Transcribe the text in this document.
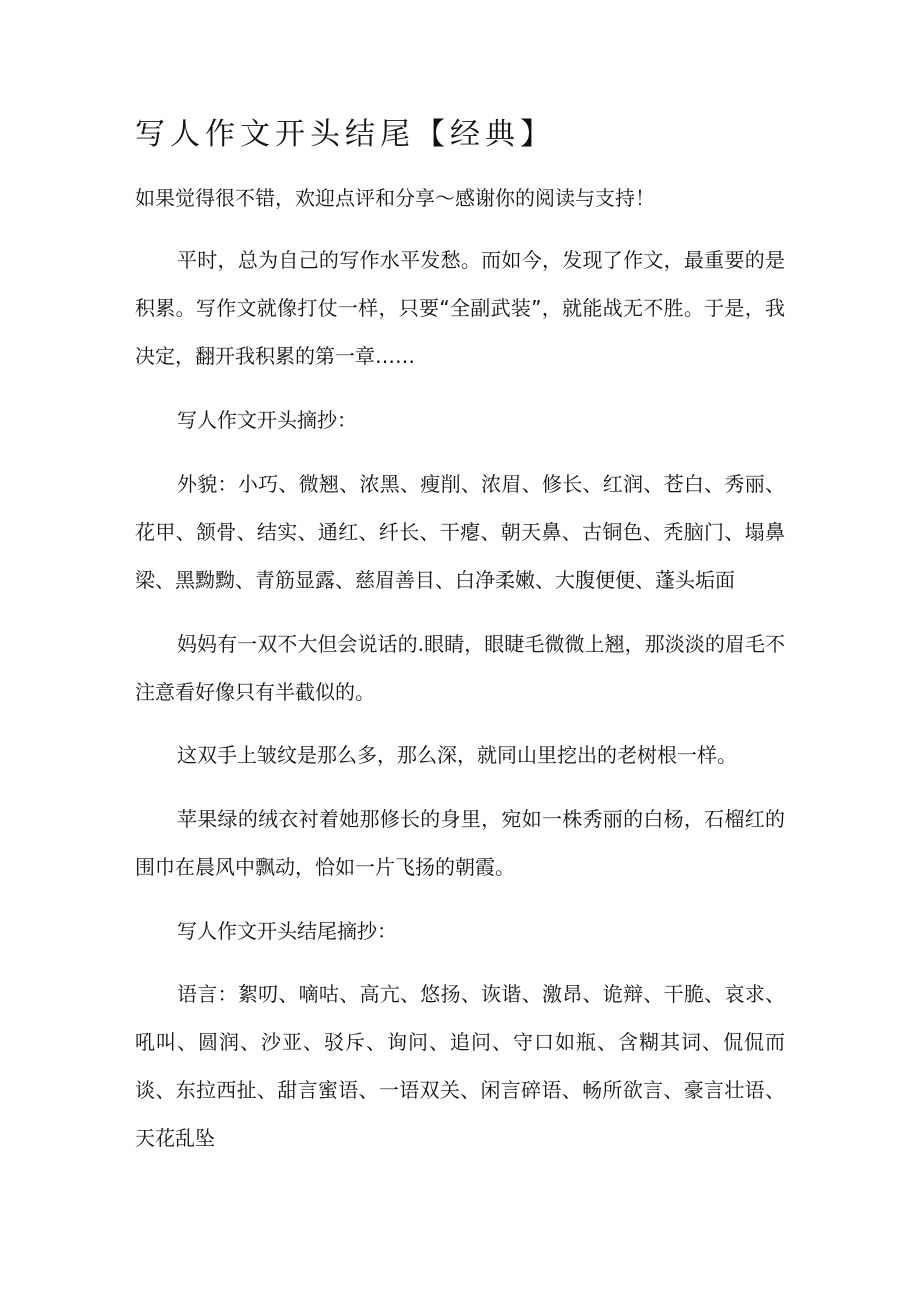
写人作文开头结尾【经典】

如果觉得很不错，欢迎点评和分享～感谢你的阅读与支持！

平时，总为自己的写作水平发愁。而如今，发现了作文，最重要的是积累。写作文就像打仗一样，只要“全副武装”，就能战无不胜。于是，我决定，翻开我积累的第一章……

写人作文开头摘抄：

外貌：小巧、微翘、浓黑、瘦削、浓眉、修长、红润、苍白、秀丽、花甲、颔骨、结实、通红、纤长、干瘪、朝天鼻、古铜色、秃脑门、塌鼻梁、黑黝黝、青筋显露、慈眉善目、白净柔嫩、大腹便便、蓬头垢面

妈妈有一双不大但会说话的.眼睛，眼睫毛微微上翘，那淡淡的眉毛不注意看好像只有半截似的。

这双手上皱纹是那么多，那么深，就同山里挖出的老树根一样。

苹果绿的绒衣衬着她那修长的身里，宛如一株秀丽的白杨，石榴红的围巾在晨风中飘动，恰如一片飞扬的朝霞。

写人作文开头结尾摘抄：

语言：絮叨、嘀咕、高亢、悠扬、诙谐、激昂、诡辩、干脆、哀求、吼叫、圆润、沙亚、驳斥、询问、追问、守口如瓶、含糊其词、侃侃而谈、东拉西扯、甜言蜜语、一语双关、闲言碎语、畅所欲言、豪言壮语、天花乱坠
